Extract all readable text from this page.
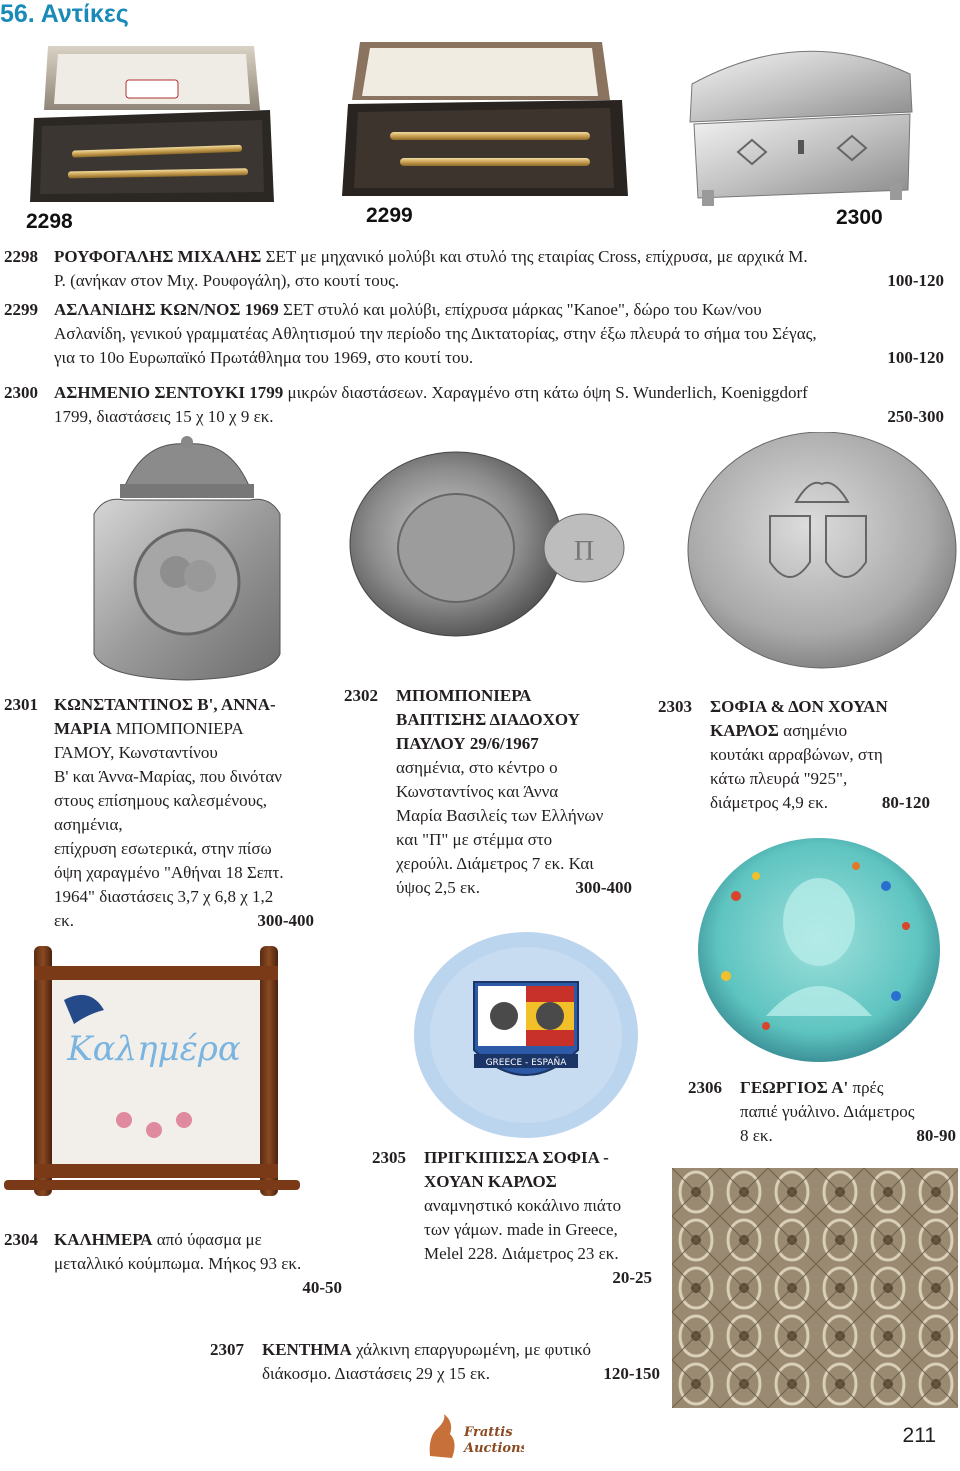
56. Αντίκες
2298	2299	2300
2298 ΡΟΥΦΟΓΑΛΗΣ ΜΙΧΑΛΗΣ ΣΕΤ με μηχανικό μολύβι και στυλό της εταιρίας Cross, επίχρυσα, με αρχικά Μ.
Ρ. (ανήκαν στον Μιχ. Ρουφογάλη), στο κουτί τους.	100-120
2299 ΑΣΛΑΝΙΔΗΣ ΚΩΝ/ΝΟΣ 1969 ΣΕΤ στυλό και μολύβι, επίχρυσα μάρκας "Kanoe", δώρο του Κων/νου
Ασλανίδη, γενικού γραμματέας Αθλητισμού την περίοδο της Δικτατορίας, στην έξω πλευρά το σήμα του Σέγας,
για το 10ο Ευρωπαϊκό Πρωτάθλημα του 1969, στο κουτί του.	100-120
2300 ΑΣΗΜΕΝΙΟ ΣΕΝΤΟΥΚΙ 1799 μικρών διαστάσεων. Χαραγμένο στη κάτω όψη S. Wunderlich, Koeniggdorf
1799, διαστάσεις 15 χ 10 χ 9 εκ.	250-300
Π
2301 ΚΩΝΣΤΑΝΤΙΝΟΣ Β', ΑΝΝΑ-
ΜΑΡΙΑ ΜΠΟΜΠΟΝΙΕΡΑ
ΓΑΜΟΥ, Κωνσταντίνου
Β' και Άννα-Μαρίας, που δινόταν
στους επίσημους καλεσμένους,
ασημένια,
επίχρυση εσωτερικά, στην πίσω
όψη χαραγμένο "Αθήναι 18 Σεπτ.
1964" διαστάσεις 3,7 χ 6,8 χ 1,2
εκ.	300-400
2302 ΜΠΟΜΠΟΝΙΕΡΑ
ΒΑΠΤΙΣΗΣ ΔΙΑΔΟΧΟΥ
ΠΑΥΛΟΥ 29/6/1967
ασημένια, στο κέντρο ο
Κωνσταντίνος και Άννα
Μαρία Βασιλείς των Ελλήνων
και "Π" με στέμμα στο
χερούλι. Διάμετρος 7 εκ. Και
ύψος 2,5 εκ.	300-400
2303 ΣΟΦΙΑ & ΔΟΝ ΧΟΥΑΝ
ΚΑΡΛΟΣ ασημένιο
κουτάκι αρραβώνων, στη
κάτω πλευρά "925",
διάμετρος 4,9 εκ.	80-120
Καλημέρα	GREECE - ESPAÑA
2306 ΓΕΩΡΓΙΟΣ Α' πρές
παπιέ γυάλινο. Διάμετρος
8 εκ.	80-90
2305 ΠΡΙΓΚΙΠΙΣΣΑ ΣΟΦΙΑ -
ΧΟΥΑΝ ΚΑΡΛΟΣ
αναμνηστικό κοκάλινο πιάτο
των γάμων. made in Greece,
Melel 228. Διάμετρος 23 εκ.
20-25
2304 ΚΑΛΗΜΕΡΑ από ύφασμα με
μεταλλικό κούμπωμα. Μήκος 93 εκ.
40-50
2307 ΚΕΝΤΗΜΑ χάλκινη επαργυρωμένη, με φυτικό
διάκοσμο. Διαστάσεις 29 χ 15 εκ.	120-150
Frattis
Auctions
211
